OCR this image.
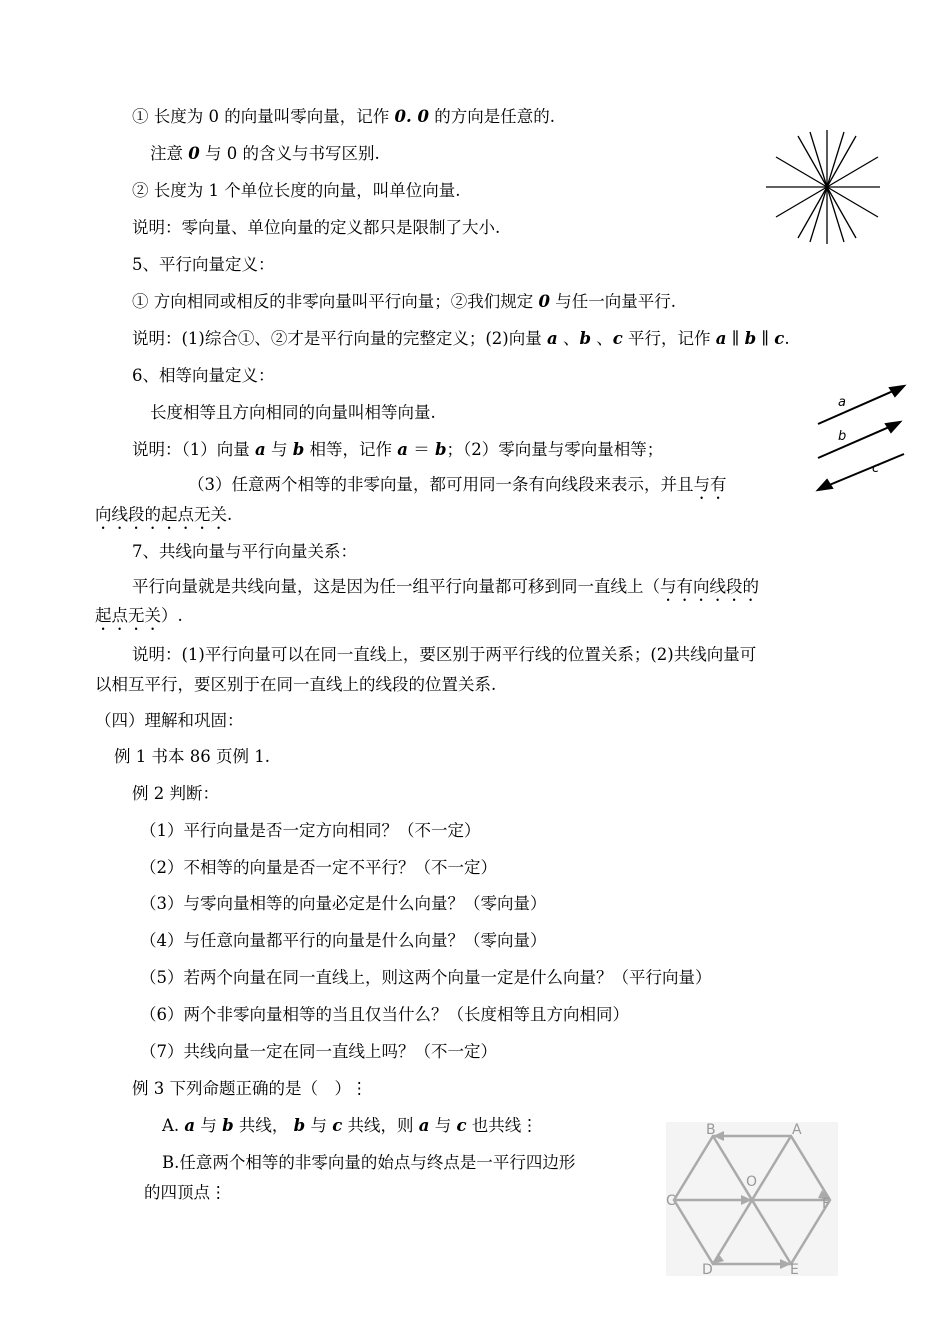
① 长度为 0 的向量叫零向量，记作 0. 0 的方向是任意的.
注意 0 与 0 的含义与书写区别.
② 长度为 1 个单位长度的向量，叫单位向量.
说明：零向量、单位向量的定义都只是限制了大小.
5、平行向量定义：
① 方向相同或相反的非零向量叫平行向量；②我们规定 0 与任一向量平行.
说明：(1)综合①、②才是平行向量的完整定义；(2)向量 a 、b 、c 平行，记作 a ∥ b ∥ c.
6、相等向量定义：
长度相等且方向相同的向量叫相等向量.
说明：（1）向量 a 与 b 相等，记作 a ＝ b；（2）零向量与零向量相等；
（3）任意两个相等的非零向量，都可用同一条有向线段来表示，并且与有
向线段的起点无关.
7、共线向量与平行向量关系：
平行向量就是共线向量，这是因为任一组平行向量都可移到同一直线上（与有向线段的
起点无关）.
说明：(1)平行向量可以在同一直线上，要区别于两平行线的位置关系；(2)共线向量可
以相互平行，要区别于在同一直线上的线段的位置关系.
（四）理解和巩固：
例 1 书本 86 页例 1.
例 2 判断：
（1）平行向量是否一定方向相同？（不一定）
（2）不相等的向量是否一定不平行？（不一定）
（3）与零向量相等的向量必定是什么向量？（零向量）
（4）与任意向量都平行的向量是什么向量？（零向量）
（5）若两个向量在同一直线上，则这两个向量一定是什么向量？（平行向量）
（6）两个非零向量相等的当且仅当什么？（长度相等且方向相同）
（7）共线向量一定在同一直线上吗？（不一定）
例 3 下列命题正确的是（　）⋮
A. a 与 b 共线， b 与 c 共线，则 a 与 c 也共线⋮
B.任意两个相等的非零向量的始点与终点是一平行四边形
的四顶点⋮
a
b
c
B	A
C	F
O
D	E
